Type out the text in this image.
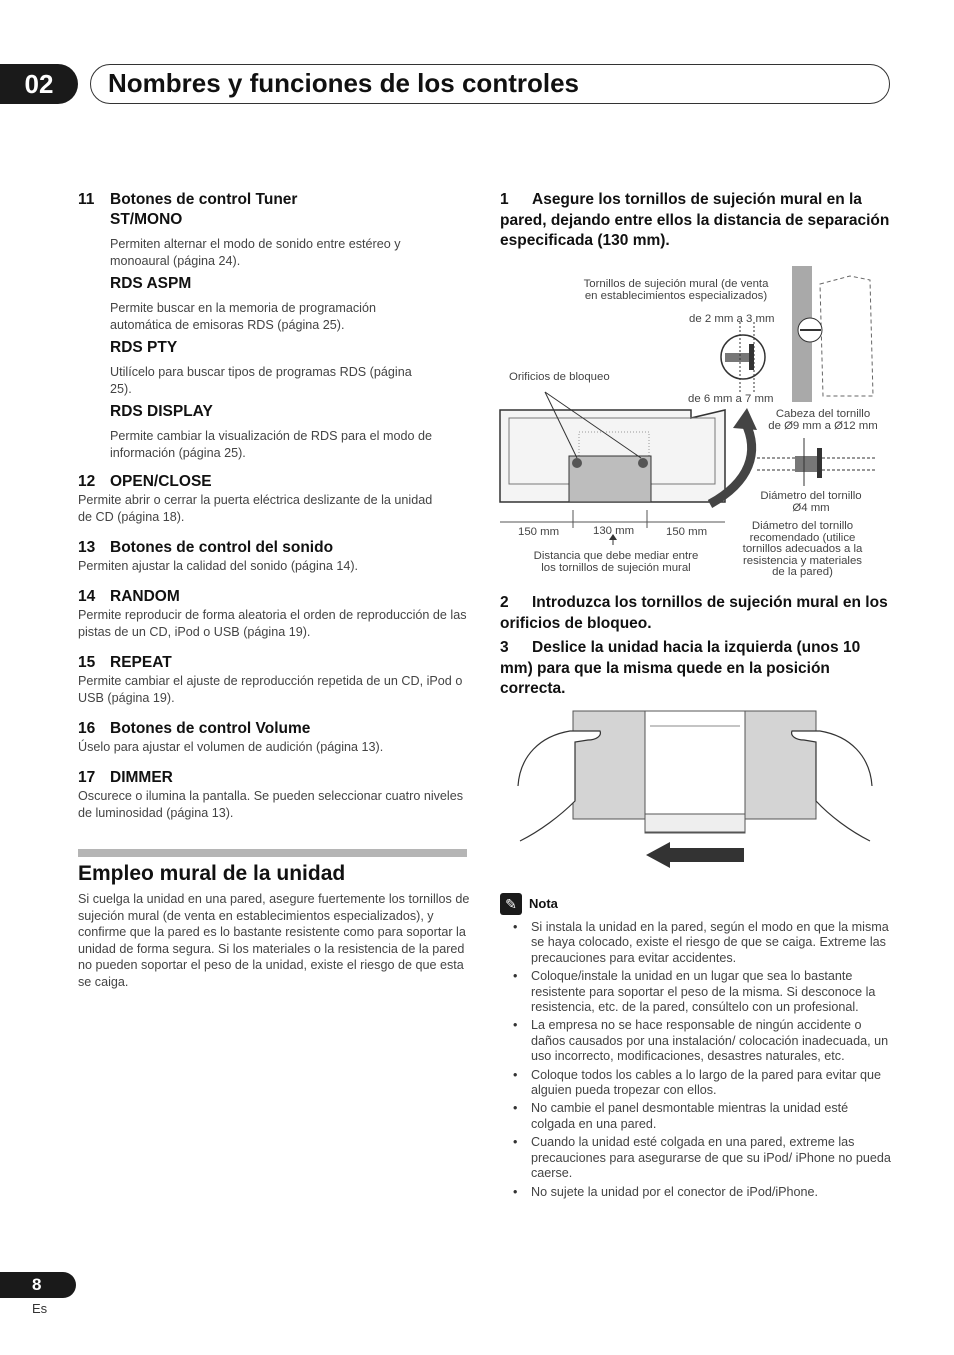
02 Nombres y funciones de los controles
11 Botones de control Tuner
ST/MONO
Permiten alternar el modo de sonido entre estéreo y monoaural (página 24).
RDS ASPM
Permite buscar en la memoria de programación automática de emisoras RDS (página 25).
RDS PTY
Utilícelo para buscar tipos de programas RDS (página 25).
RDS DISPLAY
Permite cambiar la visualización de RDS para el modo de información (página 25).
12 OPEN/CLOSE
Permite abrir o cerrar la puerta eléctrica deslizante de la unidad de CD (página 18).
13 Botones de control del sonido
Permiten ajustar la calidad del sonido (página 14).
14 RANDOM
Permite reproducir de forma aleatoria el orden de reproducción de las pistas de un CD, iPod o USB (página 19).
15 REPEAT
Permite cambiar el ajuste de reproducción repetida de un CD, iPod o USB (página 19).
16 Botones de control Volume
Úselo para ajustar el volumen de audición (página 13).
17 DIMMER
Oscurece o ilumina la pantalla. Se pueden seleccionar cuatro niveles de luminosidad (página 13).
Empleo mural de la unidad
Si cuelga la unidad en una pared, asegure fuertemente los tornillos de sujeción mural (de venta en establecimientos especializados), y confirme que la pared es lo bastante resistente como para soportar la unidad de forma segura. Si los materiales o la resistencia de la pared no pueden soportar el peso de la unidad, existe el riesgo de que esta se caiga.
1 Asegure los tornillos de sujeción mural en la pared, dejando entre ellos la distancia de separación especificada (130 mm).
Tornillos de sujeción mural (de venta
en establecimientos especializados)
de 2 mm a 3 mm
Orificios de bloqueo
de 6 mm a 7 mm
Cabeza del tornillo
de Ø9 mm a Ø12 mm
Diámetro del tornillo
Ø4 mm
Diámetro del tornillo
recomendado (utilice
tornillos adecuados a la
resistencia y materiales
de la pared)
150 mm	130 mm	150 mm
Distancia que debe mediar entre
los tornillos de sujeción mural
2 Introduzca los tornillos de sujeción mural en los orificios de bloqueo.
3 Deslice la unidad hacia la izquierda (unos 10 mm) para que la misma quede en la posición correcta.
✎ Nota
• Si instala la unidad en la pared, según el modo en que la misma se haya colocado, existe el riesgo de que se caiga. Extreme las precauciones para evitar accidentes.
• Coloque/instale la unidad en un lugar que sea lo bastante resistente para soportar el peso de la misma. Si desconoce la resistencia, etc. de la pared, consúltelo con un profesional.
• La empresa no se hace responsable de ningún accidente o daños causados por una instalación/ colocación inadecuada, un uso incorrecto, modificaciones, desastres naturales, etc.
• Coloque todos los cables a lo largo de la pared para evitar que alguien pueda tropezar con ellos.
• No cambie el panel desmontable mientras la unidad esté colgada en una pared.
• Cuando la unidad esté colgada en una pared, extreme las precauciones para asegurarse de que su iPod/ iPhone no pueda caerse.
• No sujete la unidad por el conector de iPod/iPhone.
8
Es
